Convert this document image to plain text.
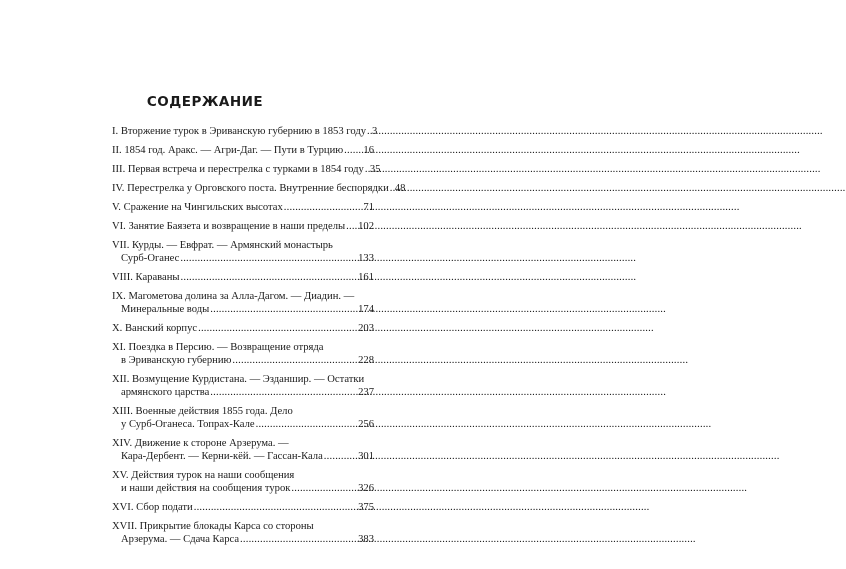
СОДЕРЖАНИЕ
I. Вторжение турок в Эриванскую губернию в 1853 году ..... 3
II. 1854 год. Аракс. — Агри-Даг. — Пути в Турцию ..... 16
III. Первая встреча и перестрелка с турками в 1854 году ..... 35
IV. Перестрелка у Орговского поста. Внутренние беспорядки ..... 48
V. Сражение на Чингильских высотах .....	71
VI. Занятие Баязета и возвращение в наши пределы ..... 102
VII. Курды. — Евфрат. — Армянский монастырь
Сурб-Оганес .....	133
VIII. Караваны .....	161
IX. Магометова долина за Алла-Дагом. — Диадин. —
Минеральные воды .....	174
X. Ванский корпус .....	203
XI. Поездка в Персию. — Возвращение отряда
в Эриванскую губернию .....	228
XII. Возмущение Курдистана. — Эзданшир. — Остатки
армянского царства .....	237
XIII. Военные действия 1855 года. Дело
у Сурб-Оганеса. Топрах-Кале .....	256
XIV. Движение к стороне Арзерума. —
Кара-Дербент. — Керни-кёй. — Гассан-Кала .....	301
XV. Действия турок на наши сообщения
и наши действия на сообщения турок .....	326
XVI. Сбор подати .....	375
XVII. Прикрытие блокады Карса со стороны
Арзерума. — Сдача Карса .....	383
